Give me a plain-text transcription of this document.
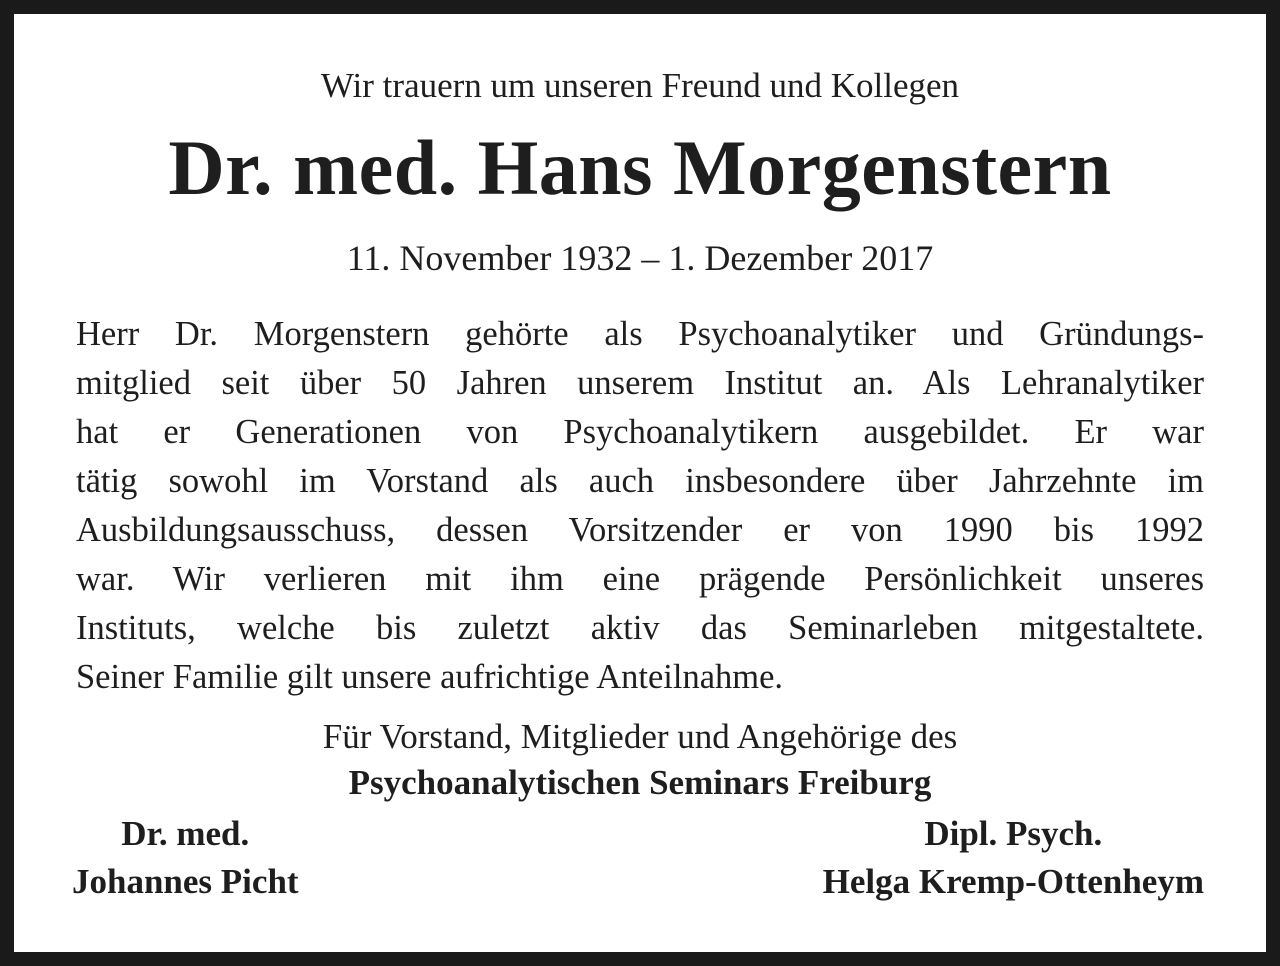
Wir trauern um unseren Freund und Kollegen
Dr. med. Hans Morgenstern
11. November 1932 – 1. Dezember 2017
Herr Dr. Morgenstern gehörte als Psychoanalytiker und Gründungs-
mitglied seit über 50 Jahren unserem Institut an. Als Lehranalytiker
hat er Generationen von Psychoanalytikern ausgebildet. Er war
tätig sowohl im Vorstand als auch insbesondere über Jahrzehnte im
Ausbildungsausschuss, dessen Vorsitzender er von 1990 bis 1992
war. Wir verlieren mit ihm eine prägende Persönlichkeit unseres
Instituts, welche bis zuletzt aktiv das Seminarleben mitgestaltete.
Seiner Familie gilt unsere aufrichtige Anteilnahme.
Für Vorstand, Mitglieder und Angehörige des
Psychoanalytischen Seminars Freiburg
Dr. med.
Johannes Picht
Dipl. Psych.
Helga Kremp-Ottenheym
